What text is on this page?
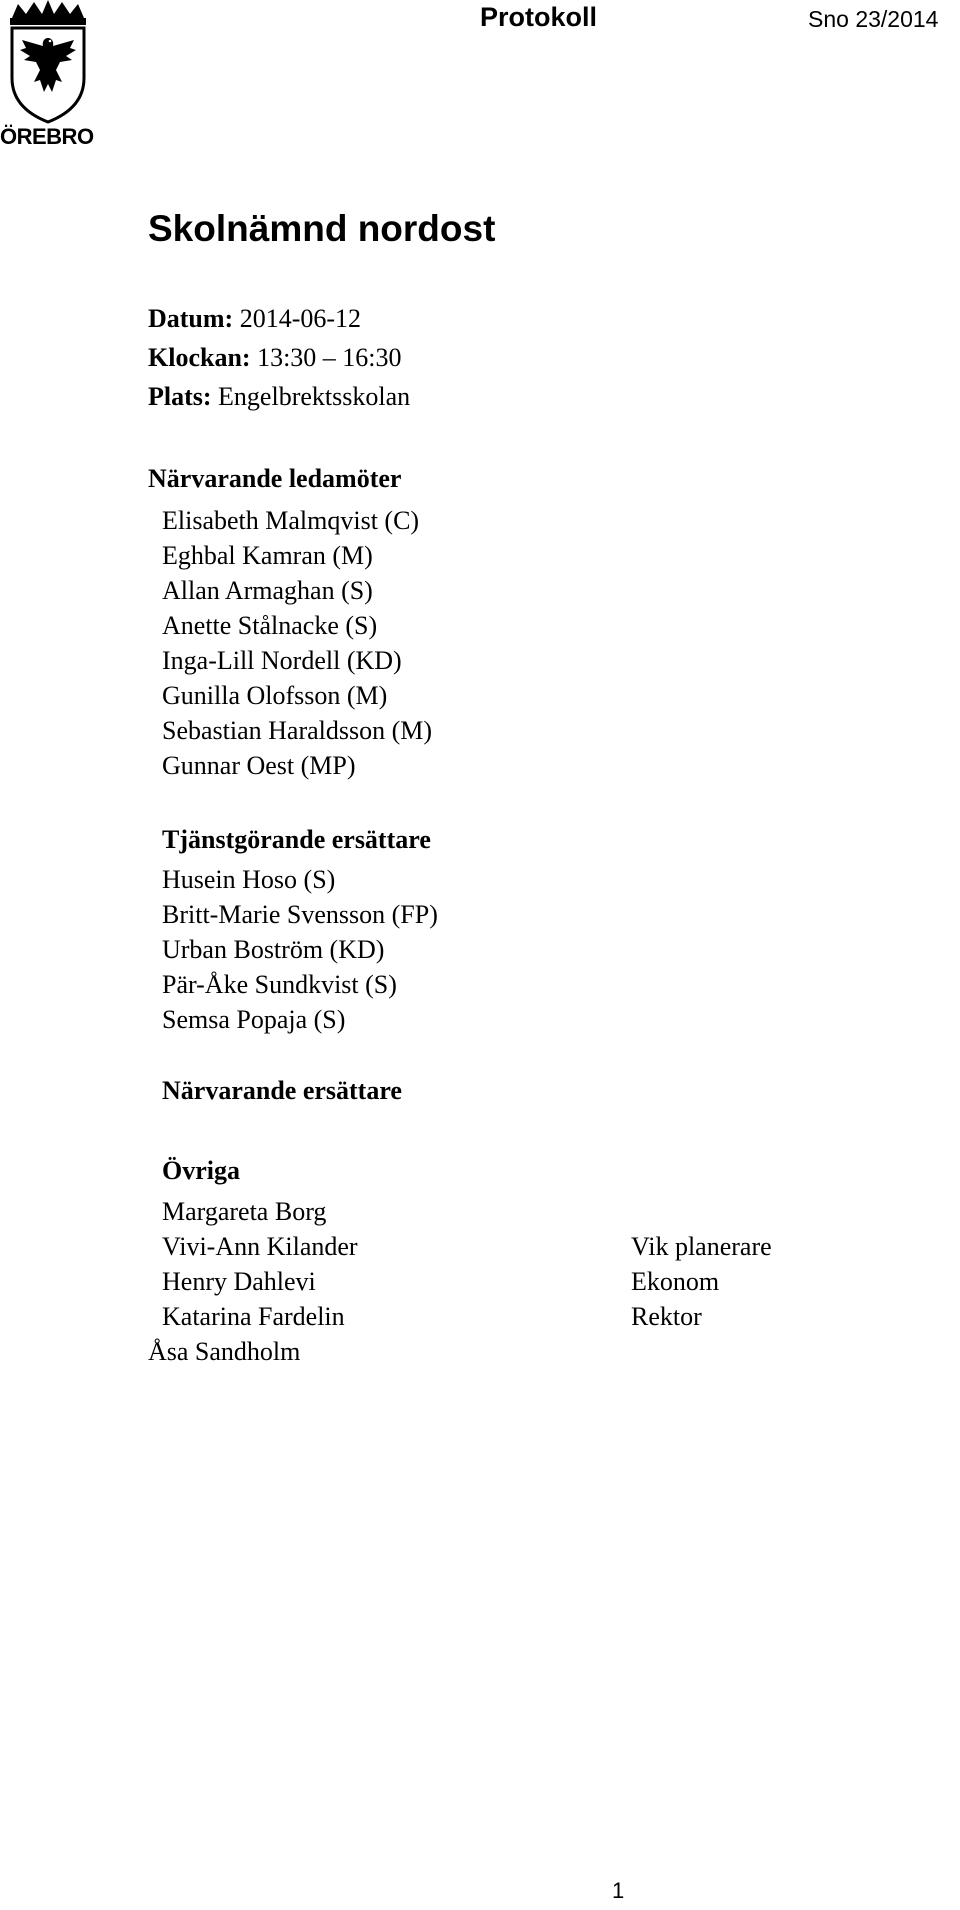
Protokoll	Sno 23/2014
ÖREBRO
Skolnämnd nordost
Datum: 2014-06-12
Klockan: 13:30 – 16:30
Plats: Engelbrektsskolan
Närvarande ledamöter
Elisabeth Malmqvist (C)
Eghbal Kamran (M)
Allan Armaghan (S)
Anette Stålnacke (S)
Inga-Lill Nordell (KD)
Gunilla Olofsson (M)
Sebastian Haraldsson (M)
Gunnar Oest (MP)
Tjänstgörande ersättare
Husein Hoso (S)
Britt-Marie Svensson (FP)
Urban Boström (KD)
Pär-Åke Sundkvist (S)
Semsa Popaja (S)
Närvarande ersättare
Övriga
Margareta Borg
Vivi-Ann Kilander	Vik planerare
Henry Dahlevi	Ekonom
Katarina Fardelin	Rektor
Åsa Sandholm
1
